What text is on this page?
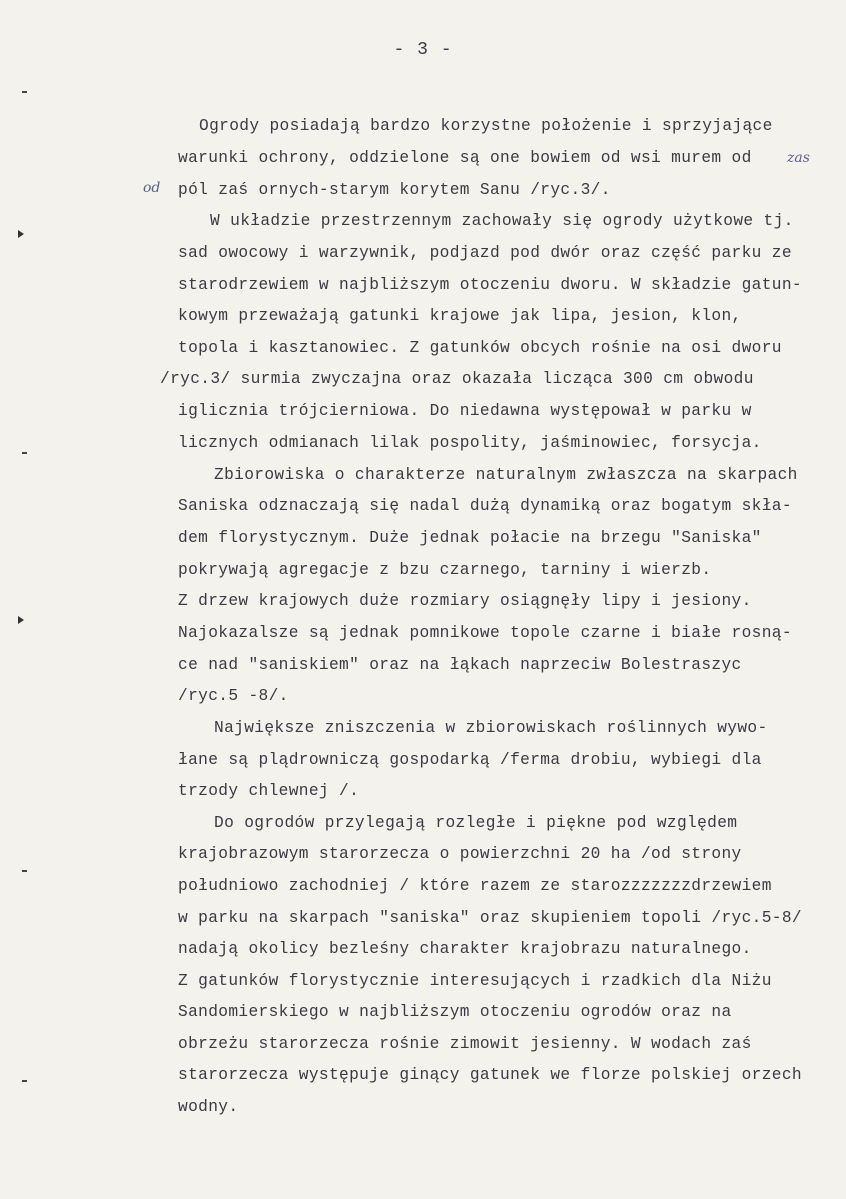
- 3 -
zas
od
Ogrody posiadają bardzo korzystne położenie i sprzyjające
warunki ochrony, oddzielone są one bowiem od wsi murem od
pól zaś ornych-starym korytem Sanu /ryc.3/.
W układzie przestrzennym zachowały się ogrody użytkowe tj.
sad owocowy i warzywnik, podjazd pod dwór oraz część parku ze
starodrzewiem w najbliższym otoczeniu dworu. W składzie gatun-
kowym przeważają gatunki krajowe jak lipa, jesion, klon,
topola i kasztanowiec. Z gatunków obcych rośnie na osi dworu
/ryc.3/ surmia zwyczajna oraz okazała licząca 300 cm obwodu
iglicznia trójcierniowa. Do niedawna występował w parku w
licznych odmianach lilak pospolity, jaśminowiec, forsycja.
Zbiorowiska o charakterze naturalnym zwłaszcza na skarpach
Saniska odznaczają się nadal dużą dynamiką oraz bogatym skła-
dem florystycznym. Duże jednak połacie na brzegu "Saniska"
pokrywają agregacje z bzu czarnego, tarniny i wierzb.
Z drzew krajowych duże rozmiary osiągnęły lipy i jesiony.
Najokazalsze są jednak pomnikowe topole czarne i białe rosną-
ce nad "saniskiem" oraz na łąkach naprzeciw Bolestraszyc
/ryc.5 -8/.
Największe zniszczenia w zbiorowiskach roślinnych wywo-
łane są plądrowniczą gospodarką /ferma drobiu, wybiegi dla
trzody chlewnej /.
Do ogrodów przylegają rozległe i piękne pod względem
krajobrazowym starorzecza o powierzchni 20 ha /od strony
południowo zachodniej / które razem ze starozzzzzzzdrzewiem
w parku na skarpach "saniska" oraz skupieniem topoli /ryc.5-8/
nadają okolicy bezleśny charakter krajobrazu naturalnego.
Z gatunków florystycznie interesujących i rzadkich dla Niżu
Sandomierskiego w najbliższym otoczeniu ogrodów oraz na
obrzeżu starorzecza rośnie zimowit jesienny. W wodach zaś
starorzecza występuje ginący gatunek we florze polskiej orzech
wodny.
